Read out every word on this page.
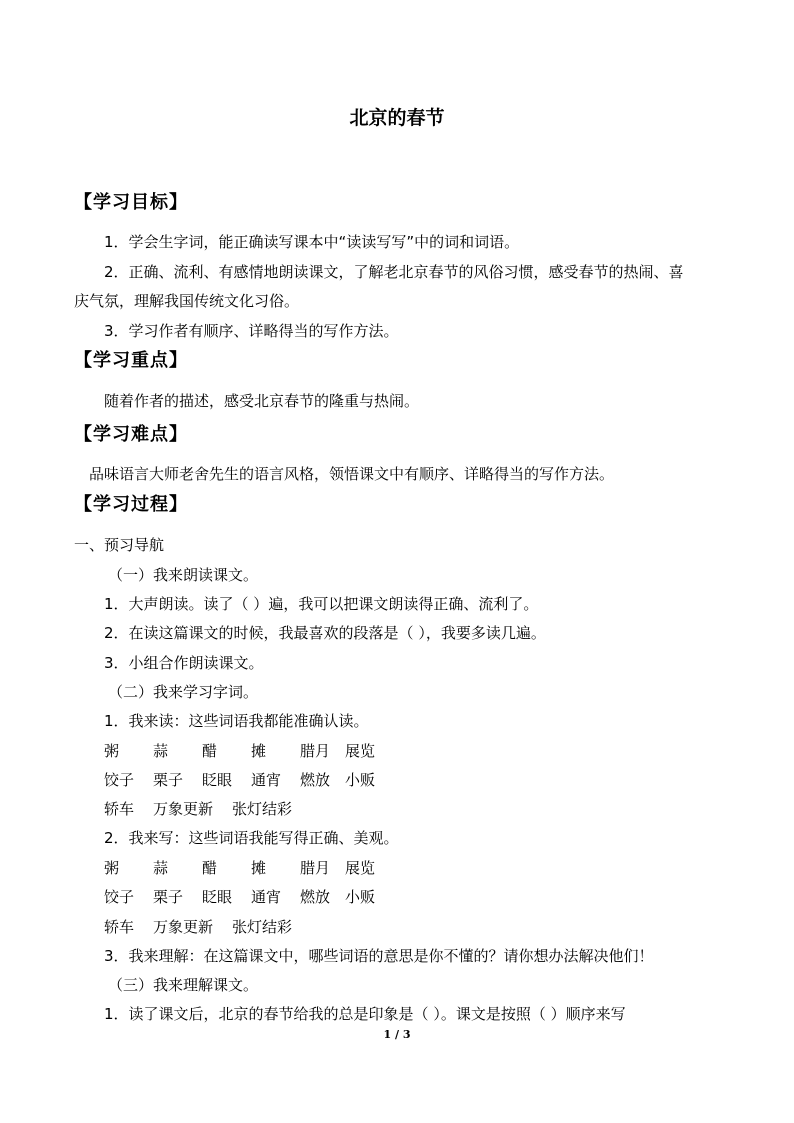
北京的春节
【学习目标】
1．学会生字词，能正确读写课本中“读读写写”中的词和词语。
2．正确、流利、有感情地朗读课文，了解老北京春节的风俗习惯，感受春节的热闹、喜
庆气氛，理解我国传统文化习俗。
3．学习作者有顺序、详略得当的写作方法。
【学习重点】
随着作者的描述，感受北京春节的隆重与热闹。
【学习难点】
品味语言大师老舍先生的语言风格，领悟课文中有顺序、详略得当的写作方法。
【学习过程】
一、预习导航
（一）我来朗读课文。
1．大声朗读。读了（ ）遍，我可以把课文朗读得正确、流利了。
2．在读这篇课文的时候，我最喜欢的段落是（ ），我要多读几遍。
3．小组合作朗读课文。
（二）我来学习字词。
1．我来读：这些词语我都能准确认读。
粥 蒜 醋 摊 腊月 展览
饺子 栗子 眨眼 通宵 燃放 小贩
轿车 万象更新 张灯结彩
2．我来写：这些词语我能写得正确、美观。
粥 蒜 醋 摊 腊月 展览
饺子 栗子 眨眼 通宵 燃放 小贩
轿车 万象更新 张灯结彩
3．我来理解：在这篇课文中，哪些词语的意思是你不懂的？请你想办法解决他们！
（三）我来理解课文。
1．读了课文后，北京的春节给我的总是印象是（ ）。课文是按照（ ）顺序来写
1 / 3
